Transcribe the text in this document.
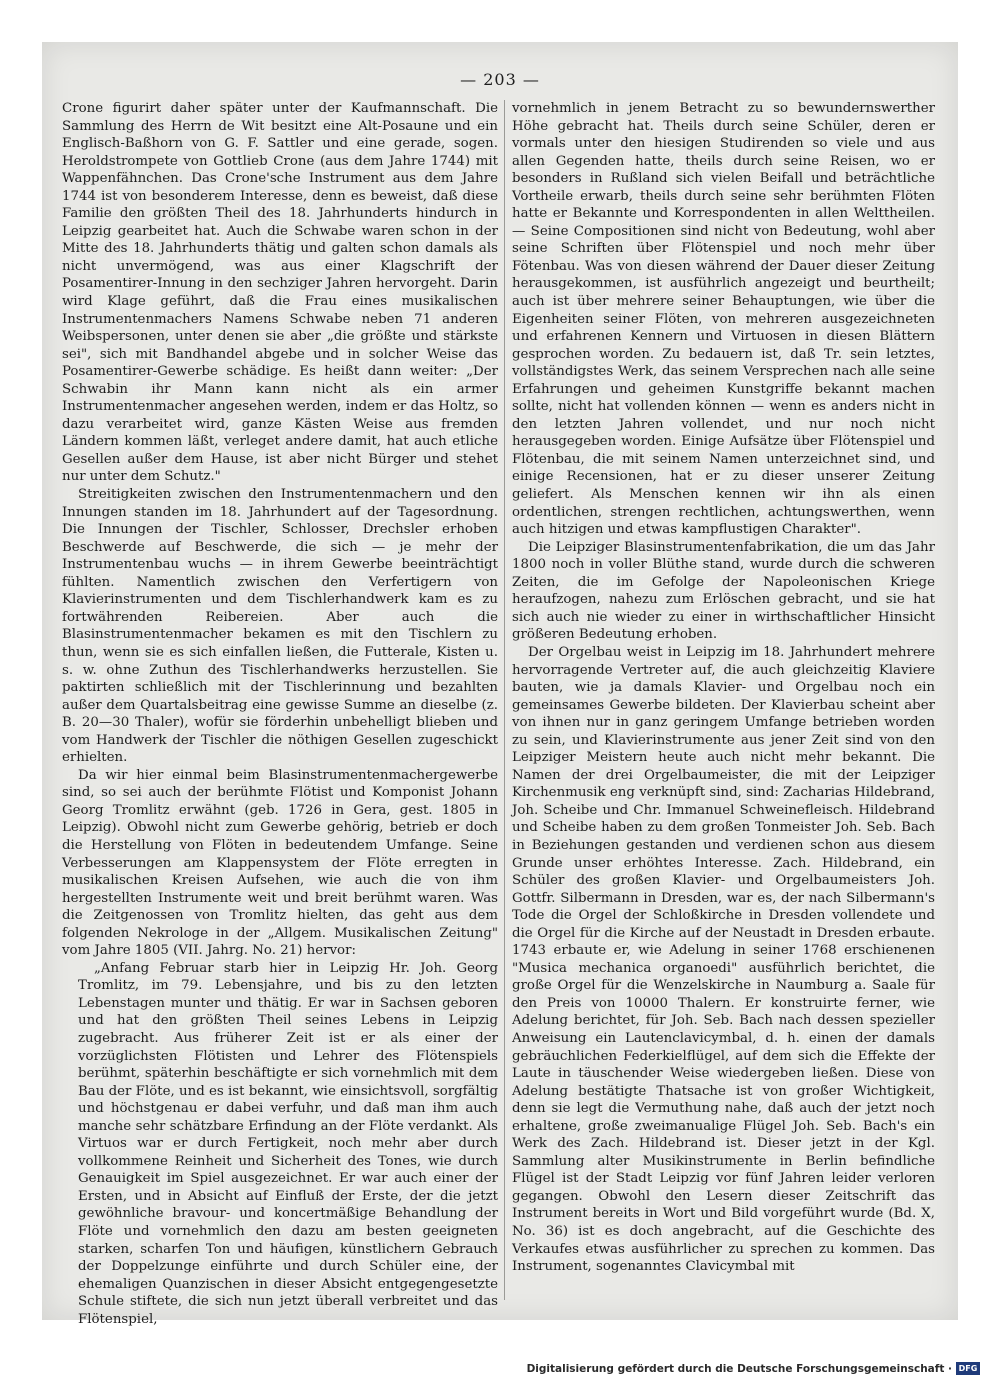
— 203 —

Crone figurirt daher später unter der Kaufmannschaft. Die Sammlung des Herrn de Wit besitzt eine Alt-Posaune und ein Englisch-Baßhorn von G. F. Sattler und eine gerade, sogen. Heroldstrompete von Gottlieb Crone (aus dem Jahre 1744) mit Wappenfähnchen. Das Crone'sche Instrument aus dem Jahre 1744 ist von besonderem Interesse, denn es beweist, daß diese Familie den größten Theil des 18. Jahrhunderts hindurch in Leipzig gearbeitet hat. Auch die Schwabe waren schon in der Mitte des 18. Jahrhunderts thätig und galten schon damals als nicht unvermögend, was aus einer Klagschrift der Posamentirer-Innung in den sechziger Jahren hervorgeht. Darin wird Klage geführt, daß die Frau eines musikalischen Instrumentenmachers Namens Schwabe neben 71 anderen Weibspersonen, unter denen sie aber „die größte und stärkste sei", sich mit Bandhandel abgebe und in solcher Weise das Posamentirer-Gewerbe schädige. Es heißt dann weiter: „Der Schwabin ihr Mann kann nicht als ein armer Instrumentenmacher angesehen werden, indem er das Holtz, so dazu verarbeitet wird, ganze Kästen Weise aus fremden Ländern kommen läßt, verleget andere damit, hat auch etliche Gesellen außer dem Hause, ist aber nicht Bürger und stehet nur unter dem Schutz."

Streitigkeiten zwischen den Instrumentenmachern und den Innungen standen im 18. Jahrhundert auf der Tagesordnung. Die Innungen der Tischler, Schlosser, Drechsler erhoben Beschwerde auf Beschwerde, die sich — je mehr der Instrumentenbau wuchs — in ihrem Gewerbe beeinträchtigt fühlten. Namentlich zwischen den Verfertigern von Klavierinstrumenten und dem Tischlerhandwerk kam es zu fortwährenden Reibereien. Aber auch die Blasinstrumentenmacher bekamen es mit den Tischlern zu thun, wenn sie es sich einfallen ließen, die Futterale, Kisten u. s. w. ohne Zuthun des Tischlerhandwerks herzustellen. Sie paktirten schließlich mit der Tischlerinnung und bezahlten außer dem Quartalsbeitrag eine gewisse Summe an dieselbe (z. B. 20—30 Thaler), wofür sie förderhin unbehelligt blieben und vom Handwerk der Tischler die nöthigen Gesellen zugeschickt erhielten.

Da wir hier einmal beim Blasinstrumentenmachergewerbe sind, so sei auch der berühmte Flötist und Komponist Johann Georg Tromlitz erwähnt (geb. 1726 in Gera, gest. 1805 in Leipzig). Obwohl nicht zum Gewerbe gehörig, betrieb er doch die Herstellung von Flöten in bedeutendem Umfange. Seine Verbesserungen am Klappensystem der Flöte erregten in musikalischen Kreisen Aufsehen, wie auch die von ihm hergestellten Instrumente weit und breit berühmt waren. Was die Zeitgenossen von Tromlitz hielten, das geht aus dem folgenden Nekrologe in der „Allgem. Musikalischen Zeitung" vom Jahre 1805 (VII. Jahrg. No. 21) hervor:

„Anfang Februar starb hier in Leipzig Hr. Joh. Georg Tromlitz, im 79. Lebensjahre, und bis zu den letzten Lebenstagen munter und thätig. Er war in Sachsen geboren und hat den größten Theil seines Lebens in Leipzig zugebracht. Aus früherer Zeit ist er als einer der vorzüglichsten Flötisten und Lehrer des Flötenspiels berühmt, späterhin beschäftigte er sich vornehmlich mit dem Bau der Flöte, und es ist bekannt, wie einsichtsvoll, sorgfältig und höchstgenau er dabei verfuhr, und daß man ihm auch manche sehr schätzbare Erfindung an der Flöte verdankt. Als Virtuos war er durch Fertigkeit, noch mehr aber durch vollkommene Reinheit und Sicherheit des Tones, wie durch Genauigkeit im Spiel ausgezeichnet. Er war auch einer der Ersten, und in Absicht auf Einfluß der Erste, der die jetzt gewöhnliche bravour- und koncertmäßige Behandlung der Flöte und vornehmlich den dazu am besten geeigneten starken, scharfen Ton und häufigen, künstlichern Gebrauch der Doppelzunge einführte und durch Schüler eine, der ehemaligen Quanzischen in dieser Absicht entgegengesetzte Schule stiftete, die sich nun jetzt überall verbreitet und das Flötenspiel,

vornehmlich in jenem Betracht zu so bewundernswerther Höhe gebracht hat. Theils durch seine Schüler, deren er vormals unter den hiesigen Studirenden so viele und aus allen Gegenden hatte, theils durch seine Reisen, wo er besonders in Rußland sich vielen Beifall und beträchtliche Vortheile erwarb, theils durch seine sehr berühmten Flöten hatte er Bekannte und Korrespondenten in allen Welttheilen. — Seine Compositionen sind nicht von Bedeutung, wohl aber seine Schriften über Flötenspiel und noch mehr über Fötenbau. Was von diesen während der Dauer dieser Zeitung herausgekommen, ist ausführlich angezeigt und beurtheilt; auch ist über mehrere seiner Behauptungen, wie über die Eigenheiten seiner Flöten, von mehreren ausgezeichneten und erfahrenen Kennern und Virtuosen in diesen Blättern gesprochen worden. Zu bedauern ist, daß Tr. sein letztes, vollständigstes Werk, das seinem Versprechen nach alle seine Erfahrungen und geheimen Kunstgriffe bekannt machen sollte, nicht hat vollenden können — wenn es anders nicht in den letzten Jahren vollendet, und nur noch nicht herausgegeben worden. Einige Aufsätze über Flötenspiel und Flötenbau, die mit seinem Namen unterzeichnet sind, und einige Recensionen, hat er zu dieser unserer Zeitung geliefert. Als Menschen kennen wir ihn als einen ordentlichen, strengen rechtlichen, achtungswerthen, wenn auch hitzigen und etwas kampflustigen Charakter".

Die Leipziger Blasinstrumentenfabrikation, die um das Jahr 1800 noch in voller Blüthe stand, wurde durch die schweren Zeiten, die im Gefolge der Napoleonischen Kriege heraufzogen, nahezu zum Erlöschen gebracht, und sie hat sich auch nie wieder zu einer in wirthschaftlicher Hinsicht größeren Bedeutung erhoben.

Der Orgelbau weist in Leipzig im 18. Jahrhundert mehrere hervorragende Vertreter auf, die auch gleichzeitig Klaviere bauten, wie ja damals Klavier- und Orgelbau noch ein gemeinsames Gewerbe bildeten. Der Klavierbau scheint aber von ihnen nur in ganz geringem Umfange betrieben worden zu sein, und Klavierinstrumente aus jener Zeit sind von den Leipziger Meistern heute auch nicht mehr bekannt. Die Namen der drei Orgelbaumeister, die mit der Leipziger Kirchenmusik eng verknüpft sind, sind: Zacharias Hildebrand, Joh. Scheibe und Chr. Immanuel Schweinefleisch. Hildebrand und Scheibe haben zu dem großen Tonmeister Joh. Seb. Bach in Beziehungen gestanden und verdienen schon aus diesem Grunde unser erhöhtes Interesse. Zach. Hildebrand, ein Schüler des großen Klavier- und Orgelbaumeisters Joh. Gottfr. Silbermann in Dresden, war es, der nach Silbermann's Tode die Orgel der Schloßkirche in Dresden vollendete und die Orgel für die Kirche auf der Neustadt in Dresden erbaute. 1743 erbaute er, wie Adelung in seiner 1768 erschienenen "Musica mechanica organoedi" ausführlich berichtet, die große Orgel für die Wenzelskirche in Naumburg a. Saale für den Preis von 10000 Thalern. Er konstruirte ferner, wie Adelung berichtet, für Joh. Seb. Bach nach dessen spezieller Anweisung ein Lautenclavicymbal, d. h. einen der damals gebräuchlichen Federkielflügel, auf dem sich die Effekte der Laute in täuschender Weise wiedergeben ließen. Diese von Adelung bestätigte Thatsache ist von großer Wichtigkeit, denn sie legt die Vermuthung nahe, daß auch der jetzt noch erhaltene, große zweimanualige Flügel Joh. Seb. Bach's ein Werk des Zach. Hildebrand ist. Dieser jetzt in der Kgl. Sammlung alter Musikinstrumente in Berlin befindliche Flügel ist der Stadt Leipzig vor fünf Jahren leider verloren gegangen. Obwohl den Lesern dieser Zeitschrift das Instrument bereits in Wort und Bild vorgeführt wurde (Bd. X, No. 36) ist es doch angebracht, auf die Geschichte des Verkaufes etwas ausführlicher zu sprechen zu kommen. Das Instrument, sogenanntes Clavicymbal mit

Digitalisierung gefördert durch die Deutsche Forschungsgemeinschaft · DFG
